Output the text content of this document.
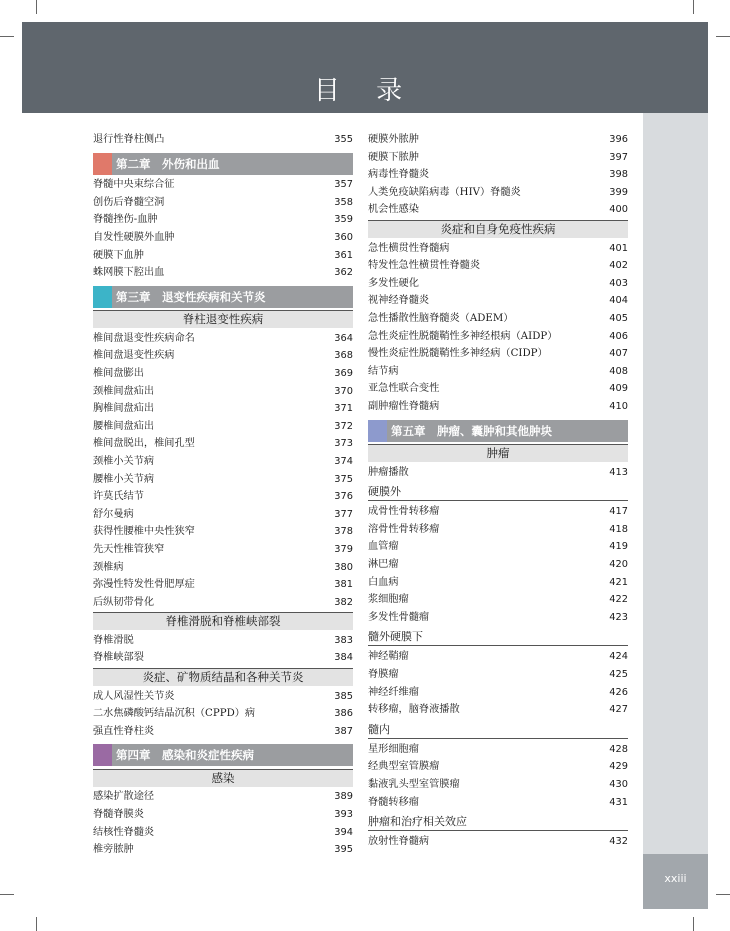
目 录
xxiii
退行性脊柱侧凸	355
第二章　外伤和出血
脊髓中央束综合征	357
创伤后脊髓空洞	358
脊髓挫伤-血肿	359
自发性硬膜外血肿	360
硬膜下血肿	361
蛛网膜下腔出血	362
第三章　退变性疾病和关节炎
脊柱退变性疾病
椎间盘退变性疾病命名	364
椎间盘退变性疾病	368
椎间盘膨出	369
颈椎间盘疝出	370
胸椎间盘疝出	371
腰椎间盘疝出	372
椎间盘脱出，椎间孔型	373
颈椎小关节病	374
腰椎小关节病	375
许莫氏结节	376
舒尔曼病	377
获得性腰椎中央性狭窄	378
先天性椎管狭窄	379
颈椎病	380
弥漫性特发性骨肥厚症	381
后纵韧带骨化	382
脊椎滑脱和脊椎峡部裂
脊椎滑脱	383
脊椎峡部裂	384
炎症、矿物质结晶和各种关节炎
成人风湿性关节炎	385
二水焦磷酸钙结晶沉积（CPPD）病	386
强直性脊柱炎	387
第四章　感染和炎症性疾病
感染
感染扩散途径	389
脊髓脊膜炎	393
结核性脊髓炎	394
椎旁脓肿	395
硬膜外脓肿	396
硬膜下脓肿	397
病毒性脊髓炎	398
人类免疫缺陷病毒（HIV）脊髓炎	399
机会性感染	400
炎症和自身免疫性疾病
急性横贯性脊髓病	401
特发性急性横贯性脊髓炎	402
多发性硬化	403
视神经脊髓炎	404
急性播散性脑脊髓炎（ADEM）	405
急性炎症性脱髓鞘性多神经根病（AIDP）	406
慢性炎症性脱髓鞘性多神经病（CIDP）	407
结节病	408
亚急性联合变性	409
副肿瘤性脊髓病	410
第五章　肿瘤、囊肿和其他肿块
肿瘤
肿瘤播散	413
硬膜外
成骨性骨转移瘤	417
溶骨性骨转移瘤	418
血管瘤	419
淋巴瘤	420
白血病	421
浆细胞瘤	422
多发性骨髓瘤	423
髓外硬膜下
神经鞘瘤	424
脊膜瘤	425
神经纤维瘤	426
转移瘤，脑脊液播散	427
髓内
星形细胞瘤	428
经典型室管膜瘤	429
黏液乳头型室管膜瘤	430
脊髓转移瘤	431
肿瘤和治疗相关效应
放射性脊髓病	432
